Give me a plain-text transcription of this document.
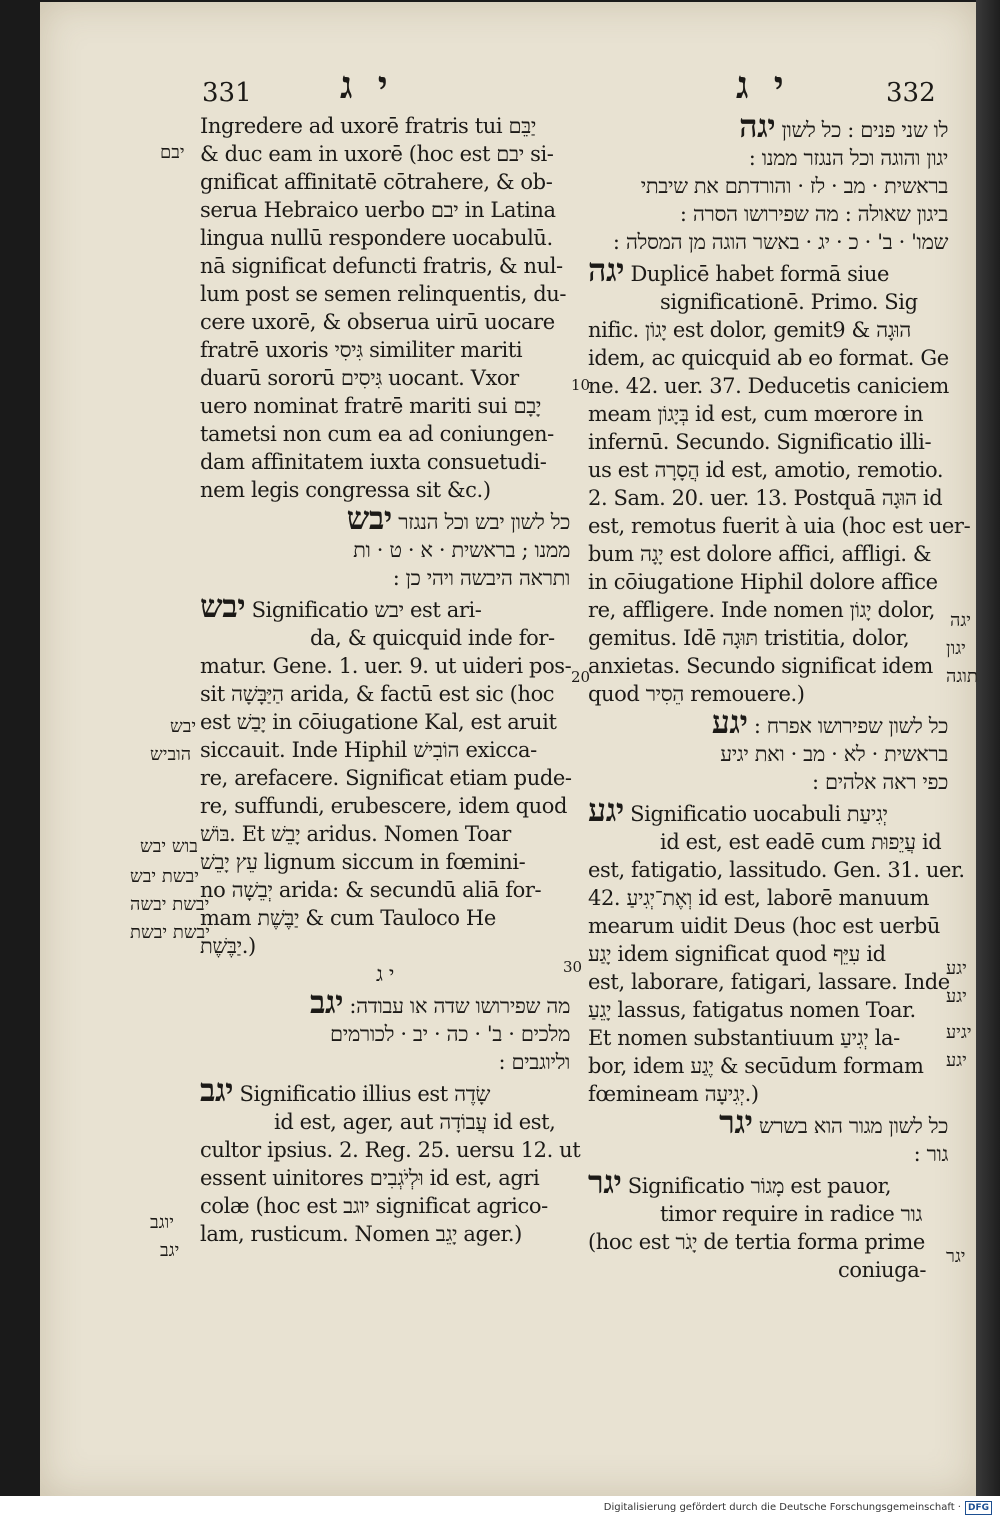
331 י ג	י ג	332
Ingredere ad uxorē fratris tui יַבֵּם
& duc eam in uxorē (hoc est יבם si-
gnificat affinitatē cōtrahere, & ob-
serua Hebraico uerbo יבם in Latina
lingua nullū respondere uocabulū.
nā significat defuncti fratris, & nul-
lum post se semen relinquentis, du-
cere uxorē, & obserua uirū uocare
fratrē uxoris גִּיסִי similiter mariti
duarū sororū גִּיסִים uocant. Vxor
uero nominat fratrē mariti sui יָבָם
tametsi non cum ea ad coniungen-
dam affinitatem iuxta consuetudi-
nem legis congressa sit &c.)
כל לשון יבש וכל הנגזר יבש
ממנו ; בראשית · א · ט · ות
ותראה היבשה ויהי כן :
יבש Significatio יבש est ari-
da, & quicquid inde for-
matur. Gene. 1. uer. 9. ut uideri pos-
sit הַיַּבָּשָׁה arida, & factū est sic (hoc
est יָבַשׁ in cōiugatione Kal, est aruit
siccauit. Inde Hiphil הוֹבִישׁ exicca-
re, arefacere. Significat etiam pude-
re, suffundi, erubescere, idem quod
בּוֹשׁ. Et יָבֵשׁ aridus. Nomen Toar
עֵץ יָבֵשׁ lignum siccum in fœmini-
no יְבֵשָׁה arida: & secundū aliā for-
mam יַבֶּשֶׁת & cum Tauloco He
יַבֶּשֶׁת.)
י ג
מה שפירושו שדה או עבודה: יגב
מלכים · ב' · כה · יב · לכורמים
וליוגבים :
יגב Significatio illius est שָׂדֶה
id est, ager, aut עֲבוֹדָה id est,
cultor ipsius. 2. Reg. 25. uersu 12. ut
essent uinitores וּלְיֹגְבִים id est, agri
colæ (hoc est יוגב significat agrico-
lam, rusticum. Nomen יָגֵב ager.)
יבם
יבש
הוביש
בוש יבש
יבשת יבש
יבשת יבשה
יבשת יבשת
יוגב
יגב
10
20
30
לו שני פנים : כל לשון יגה
יגון והוגה וכל הנגזר ממנו :
בראשית · מב · לז · והורדתם את שיבתי
ביגון שאולה : מה שפירושו הסרה :
שמו' · ב' · כ · יג · באשר הוגה מן המסלה :
יגה Duplicē habet formā siue
significationē. Primo. Sig
nific. יָגוֹן est dolor, gemit9 & הוּגָה
idem, ac quicquid ab eo format. Ge
ne. 42. uer. 37. Deducetis caniciem
meam בְּיָגוֹן id est, cum mœrore in
infernū. Secundo. Significatio illi-
us est הֲסָרָה id est, amotio, remotio.
2. Sam. 20. uer. 13. Postquā הוּגָה id
est, remotus fuerit à uia (hoc est uer-
bum יָגָה est dolore affici, affligi. &
in cōiugatione Hiphil dolore affice
re, affligere. Inde nomen יָגוֹן dolor,
gemitus. Idē תּוּגָה tristitia, dolor,
anxietas. Secundo significat idem
quod הֵסִיר remouere.)
כל לשון שפירושו אפרח : יגע
בראשית · לא · מב · ואת יגיע
כפי ראה אלהים :
יגע Significatio uocabuli יְגִיעַת
id est, est eadē cum עֲיֵפוּת id
est, fatigatio, lassitudo. Gen. 31. uer.
42. וְאֶת־יְגִיעַ id est, laborē manuum
mearum uidit Deus (hoc est uerbū
יָגַע idem significat quod עִיֵּף id
est, laborare, fatigari, lassare. Inde
יָגֵעַ lassus, fatigatus nomen Toar.
Et nomen substantiuum יְגִיעַ la-
bor, idem יֶגַע & secūdum formam
fœmineam יְגִיעָה.)
כל לשון מגור הוא בשרש יגר
גור :
יגר Significatio מָגוֹר est pauor,
timor require in radice גור
(hoc est יָגֹר de tertia forma prime
coniuga-
יגה
יגון
תוגה
יגע
יגע
יגיע
יגע
יגר
Digitalisierung gefördert durch die Deutsche Forschungsgemeinschaft · DFG
